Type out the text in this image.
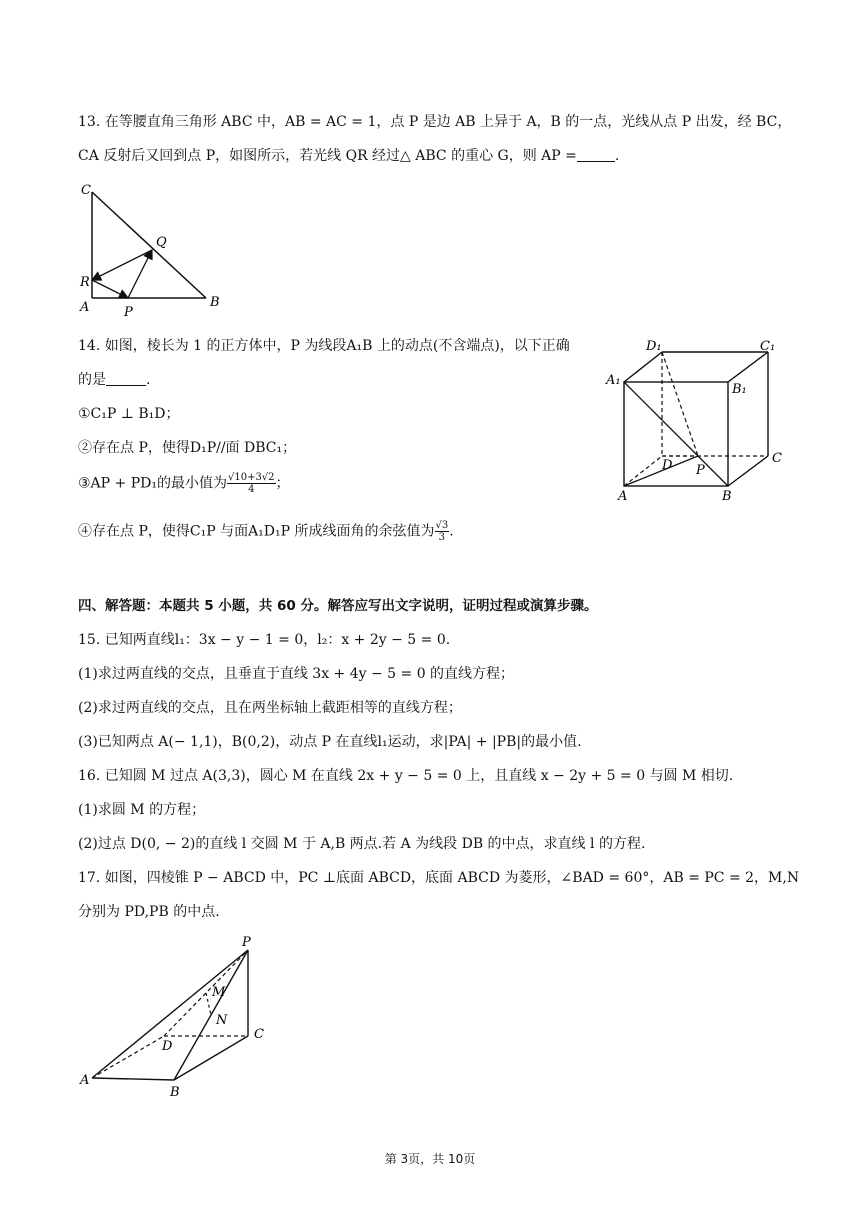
13. 在等腰直角三角形 ABC 中，AB = AC = 1，点 P 是边 AB 上异于 A，B 的一点，光线从点 P 出发，经 BC，
CA 反射后又回到点 P，如图所示，若光线 QR 经过△ ABC 的重心 G，则 AP =	.
C
Q
R
A	P
B
14. 如图，棱长为 1 的正方体中，P 为线段A₁B 上的动点(不含端点)，以下正确
的是	.
①C₁P ⊥ B₁D；
②存在点 P，使得D₁P//面 DBC₁；
③AP + PD₁的最小值为 $\frac{√10+3√2}{4}$ ；
④存在点 P，使得C₁P 与面A₁D₁P 所成线面角的余弦值为 $\frac{√3}{3}$ .
D₁	C₁
A₁
B₁
D	C
P
A	B
四、解答题：本题共 5 小题，共 60 分。解答应写出文字说明，证明过程或演算步骤。
15. 已知两直线l₁：3x − y − 1 = 0，l₂：x + 2y − 5 = 0.
(1)求过两直线的交点，且垂直于直线 3x + 4y − 5 = 0 的直线方程；
(2)求过两直线的交点，且在两坐标轴上截距相等的直线方程；
(3)已知两点 A(− 1,1)，B(0,2)，动点 P 在直线l₁运动，求|PA| + |PB|的最小值.
16. 已知圆 M 过点 A(3,3)，圆心 M 在直线 2x + y − 5 = 0 上，且直线 x − 2y + 5 = 0 与圆 M 相切.
(1)求圆 M 的方程；
(2)过点 D(0, − 2)的直线 l 交圆 M 于 A,B 两点.若 A 为线段 DB 的中点，求直线 l 的方程.
17. 如图，四棱锥 P − ABCD 中，PC ⊥底面 ABCD，底面 ABCD 为菱形，∠BAD = 60°，AB = PC = 2，M,N
分别为 PD,PB 的中点.
P
M
N
D
C
A
B
第 3页，共 10页
